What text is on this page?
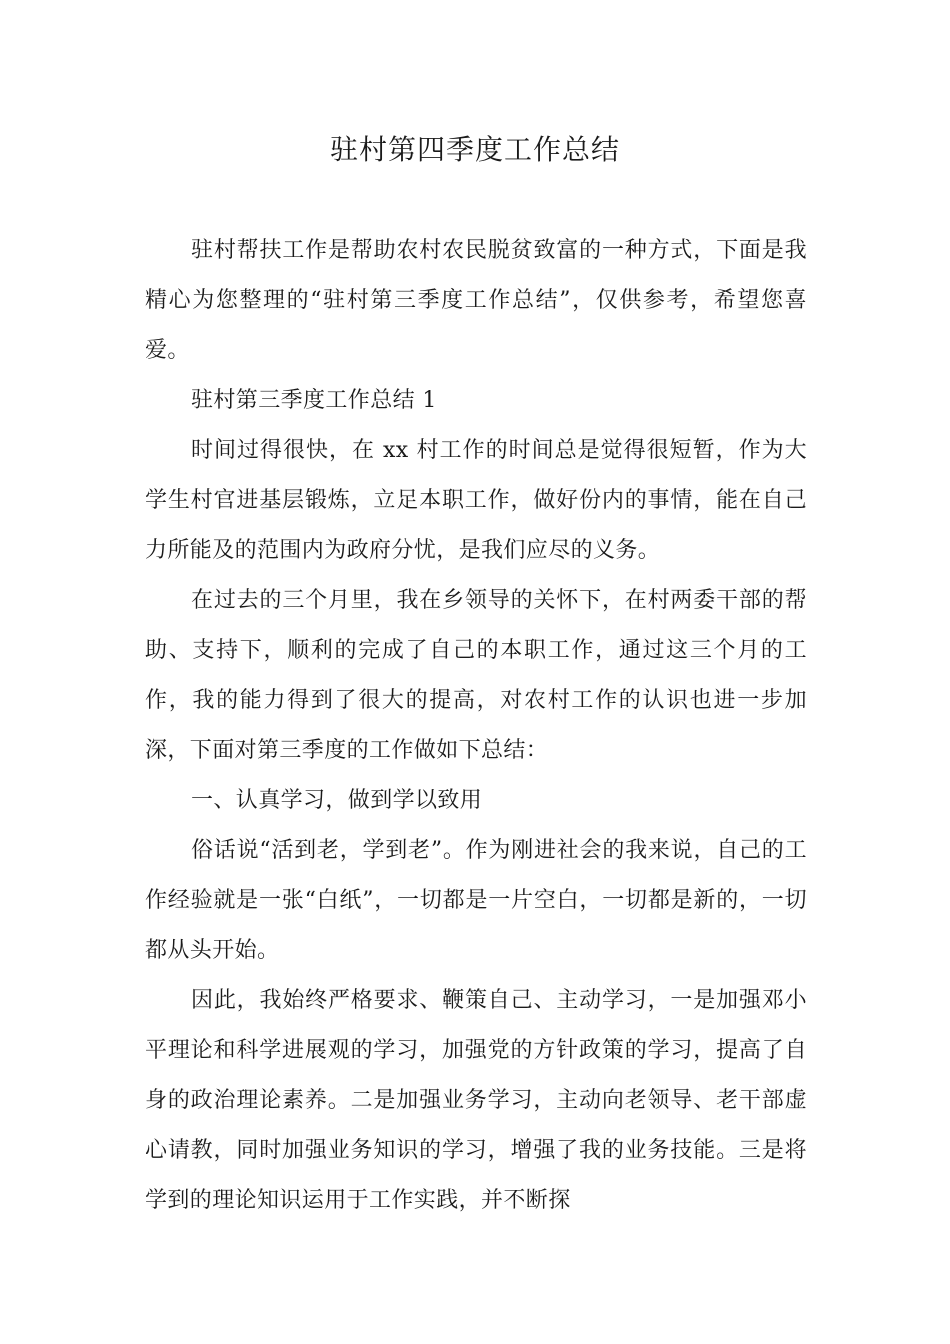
驻村第四季度工作总结

驻村帮扶工作是帮助农村农民脱贫致富的一种方式，下面是我精心为您整理的“驻村第三季度工作总结”，仅供参考，希望您喜爱。

驻村第三季度工作总结 1

时间过得很快，在 xx 村工作的时间总是觉得很短暂，作为大学生村官进基层锻炼，立足本职工作，做好份内的事情，能在自己力所能及的范围内为政府分忧，是我们应尽的义务。

在过去的三个月里，我在乡领导的关怀下，在村两委干部的帮助、支持下，顺利的完成了自己的本职工作，通过这三个月的工作，我的能力得到了很大的提高，对农村工作的认识也进一步加深，下面对第三季度的工作做如下总结：

一、认真学习，做到学以致用

俗话说“活到老，学到老”。作为刚进社会的我来说，自己的工作经验就是一张“白纸”，一切都是一片空白，一切都是新的，一切都从头开始。

因此，我始终严格要求、鞭策自己、主动学习，一是加强邓小平理论和科学进展观的学习，加强党的方针政策的学习，提高了自身的政治理论素养。二是加强业务学习，主动向老领导、老干部虚心请教，同时加强业务知识的学习，增强了我的业务技能。三是将学到的理论知识运用于工作实践，并不断探
